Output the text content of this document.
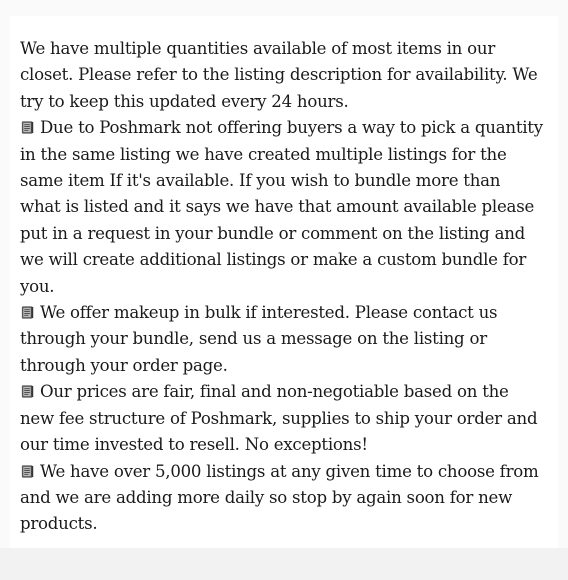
We have multiple quantities available of most items in our closet. Please refer to the listing description for availability. We try to keep this updated every 24 hours.

Due to Poshmark not offering buyers a way to pick a quantity in the same listing we have created multiple listings for the same item If it's available. If you wish to bundle more than what is listed and it says we have that amount available please put in a request in your bundle or comment on the listing and we will create additional listings or make a custom bundle for you.

We offer makeup in bulk if interested. Please contact us through your bundle, send us a message on the listing or through your order page.

Our prices are fair, final and non-negotiable based on the new fee structure of Poshmark, supplies to ship your order and our time invested to resell. No exceptions!

We have over 5,000 listings at any given time to choose from and we are adding more daily so stop by again soon for new products.
